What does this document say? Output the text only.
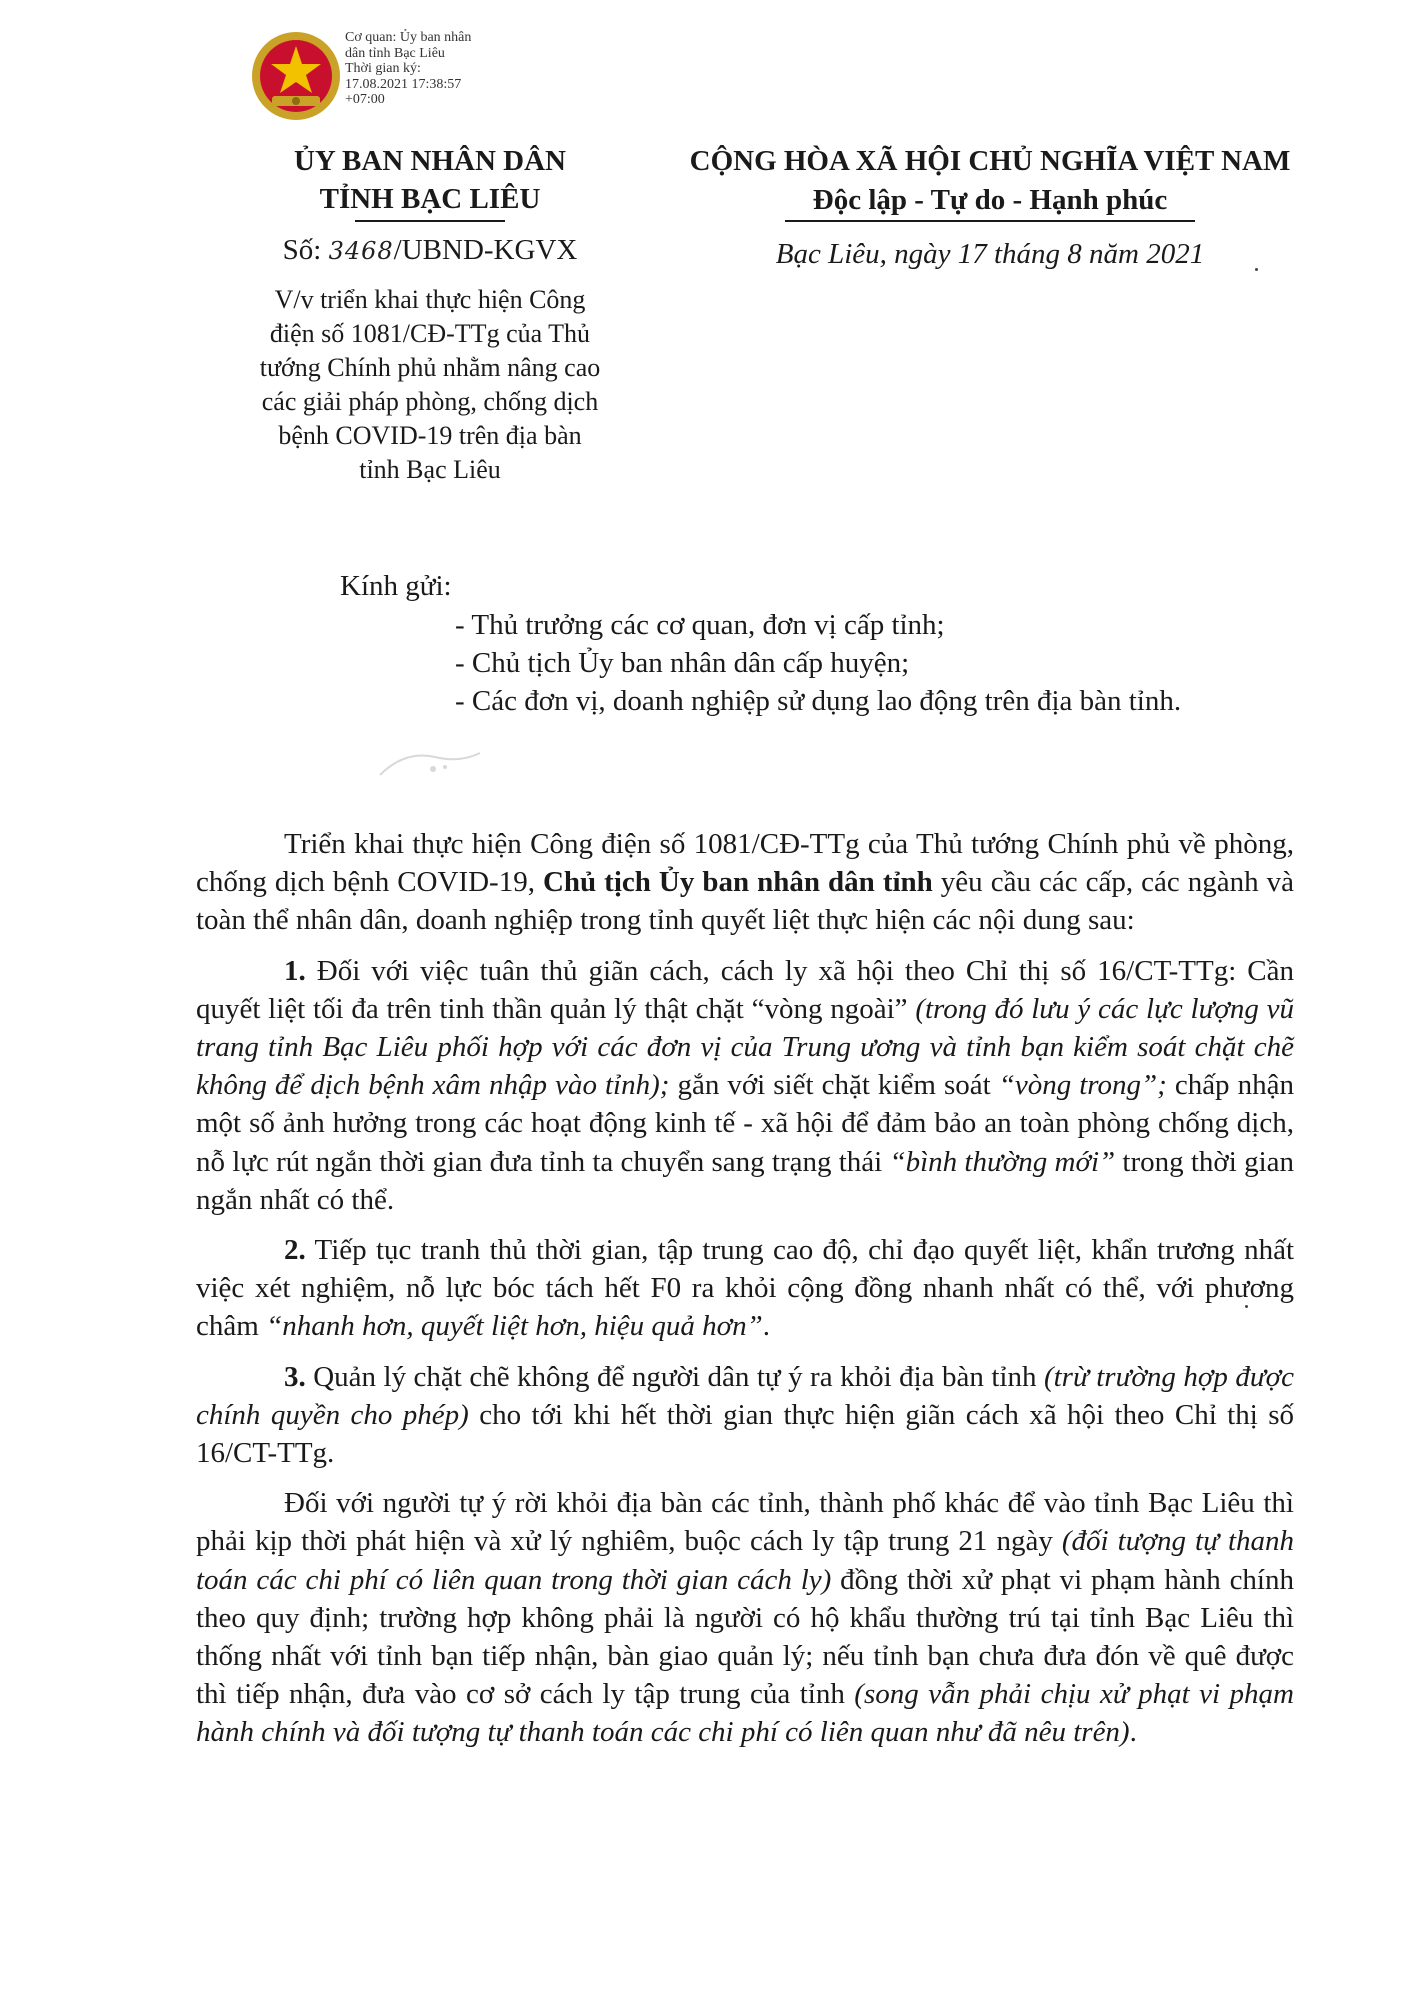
Cơ quan: Ủy ban nhân
dân tỉnh Bạc Liêu
Thời gian ký:
17.08.2021 17:38:57
+07:00
ỦY BAN NHÂN DÂN
TỈNH BẠC LIÊU
Số: 3468/UBND-KGVX
V/v triển khai thực hiện Công
điện số 1081/CĐ-TTg của Thủ
tướng Chính phủ nhằm nâng cao
các giải pháp phòng, chống dịch
bệnh COVID-19 trên địa bàn
tỉnh Bạc Liêu
CỘNG HÒA XÃ HỘI CHỦ NGHĨA VIỆT NAM
Độc lập - Tự do - Hạnh phúc
Bạc Liêu, ngày 17 tháng 8 năm 2021
Kính gửi:
- Thủ trưởng các cơ quan, đơn vị cấp tỉnh;
- Chủ tịch Ủy ban nhân dân cấp huyện;
- Các đơn vị, doanh nghiệp sử dụng lao động trên địa bàn tỉnh.

Triển khai thực hiện Công điện số 1081/CĐ-TTg của Thủ tướng Chính phủ về phòng, chống dịch bệnh COVID-19, Chủ tịch Ủy ban nhân dân tỉnh yêu cầu các cấp, các ngành và toàn thể nhân dân, doanh nghiệp trong tỉnh quyết liệt thực hiện các nội dung sau:

1. Đối với việc tuân thủ giãn cách, cách ly xã hội theo Chỉ thị số 16/CT-TTg: Cần quyết liệt tối đa trên tinh thần quản lý thật chặt “vòng ngoài” (trong đó lưu ý các lực lượng vũ trang tỉnh Bạc Liêu phối hợp với các đơn vị của Trung ương và tỉnh bạn kiểm soát chặt chẽ không để dịch bệnh xâm nhập vào tỉnh); gắn với siết chặt kiểm soát “vòng trong”; chấp nhận một số ảnh hưởng trong các hoạt động kinh tế - xã hội để đảm bảo an toàn phòng chống dịch, nỗ lực rút ngắn thời gian đưa tỉnh ta chuyển sang trạng thái “bình thường mới” trong thời gian ngắn nhất có thể.

2. Tiếp tục tranh thủ thời gian, tập trung cao độ, chỉ đạo quyết liệt, khẩn trương nhất việc xét nghiệm, nỗ lực bóc tách hết F0 ra khỏi cộng đồng nhanh nhất có thể, với phương châm “nhanh hơn, quyết liệt hơn, hiệu quả hơn”.

3. Quản lý chặt chẽ không để người dân tự ý ra khỏi địa bàn tỉnh (trừ trường hợp được chính quyền cho phép) cho tới khi hết thời gian thực hiện giãn cách xã hội theo Chỉ thị số 16/CT-TTg.

Đối với người tự ý rời khỏi địa bàn các tỉnh, thành phố khác để vào tỉnh Bạc Liêu thì phải kịp thời phát hiện và xử lý nghiêm, buộc cách ly tập trung 21 ngày (đối tượng tự thanh toán các chi phí có liên quan trong thời gian cách ly) đồng thời xử phạt vi phạm hành chính theo quy định; trường hợp không phải là người có hộ khẩu thường trú tại tỉnh Bạc Liêu thì thống nhất với tỉnh bạn tiếp nhận, bàn giao quản lý; nếu tỉnh bạn chưa đưa đón về quê được thì tiếp nhận, đưa vào cơ sở cách ly tập trung của tỉnh (song vẫn phải chịu xử phạt vi phạm hành chính và đối tượng tự thanh toán các chi phí có liên quan như đã nêu trên).
